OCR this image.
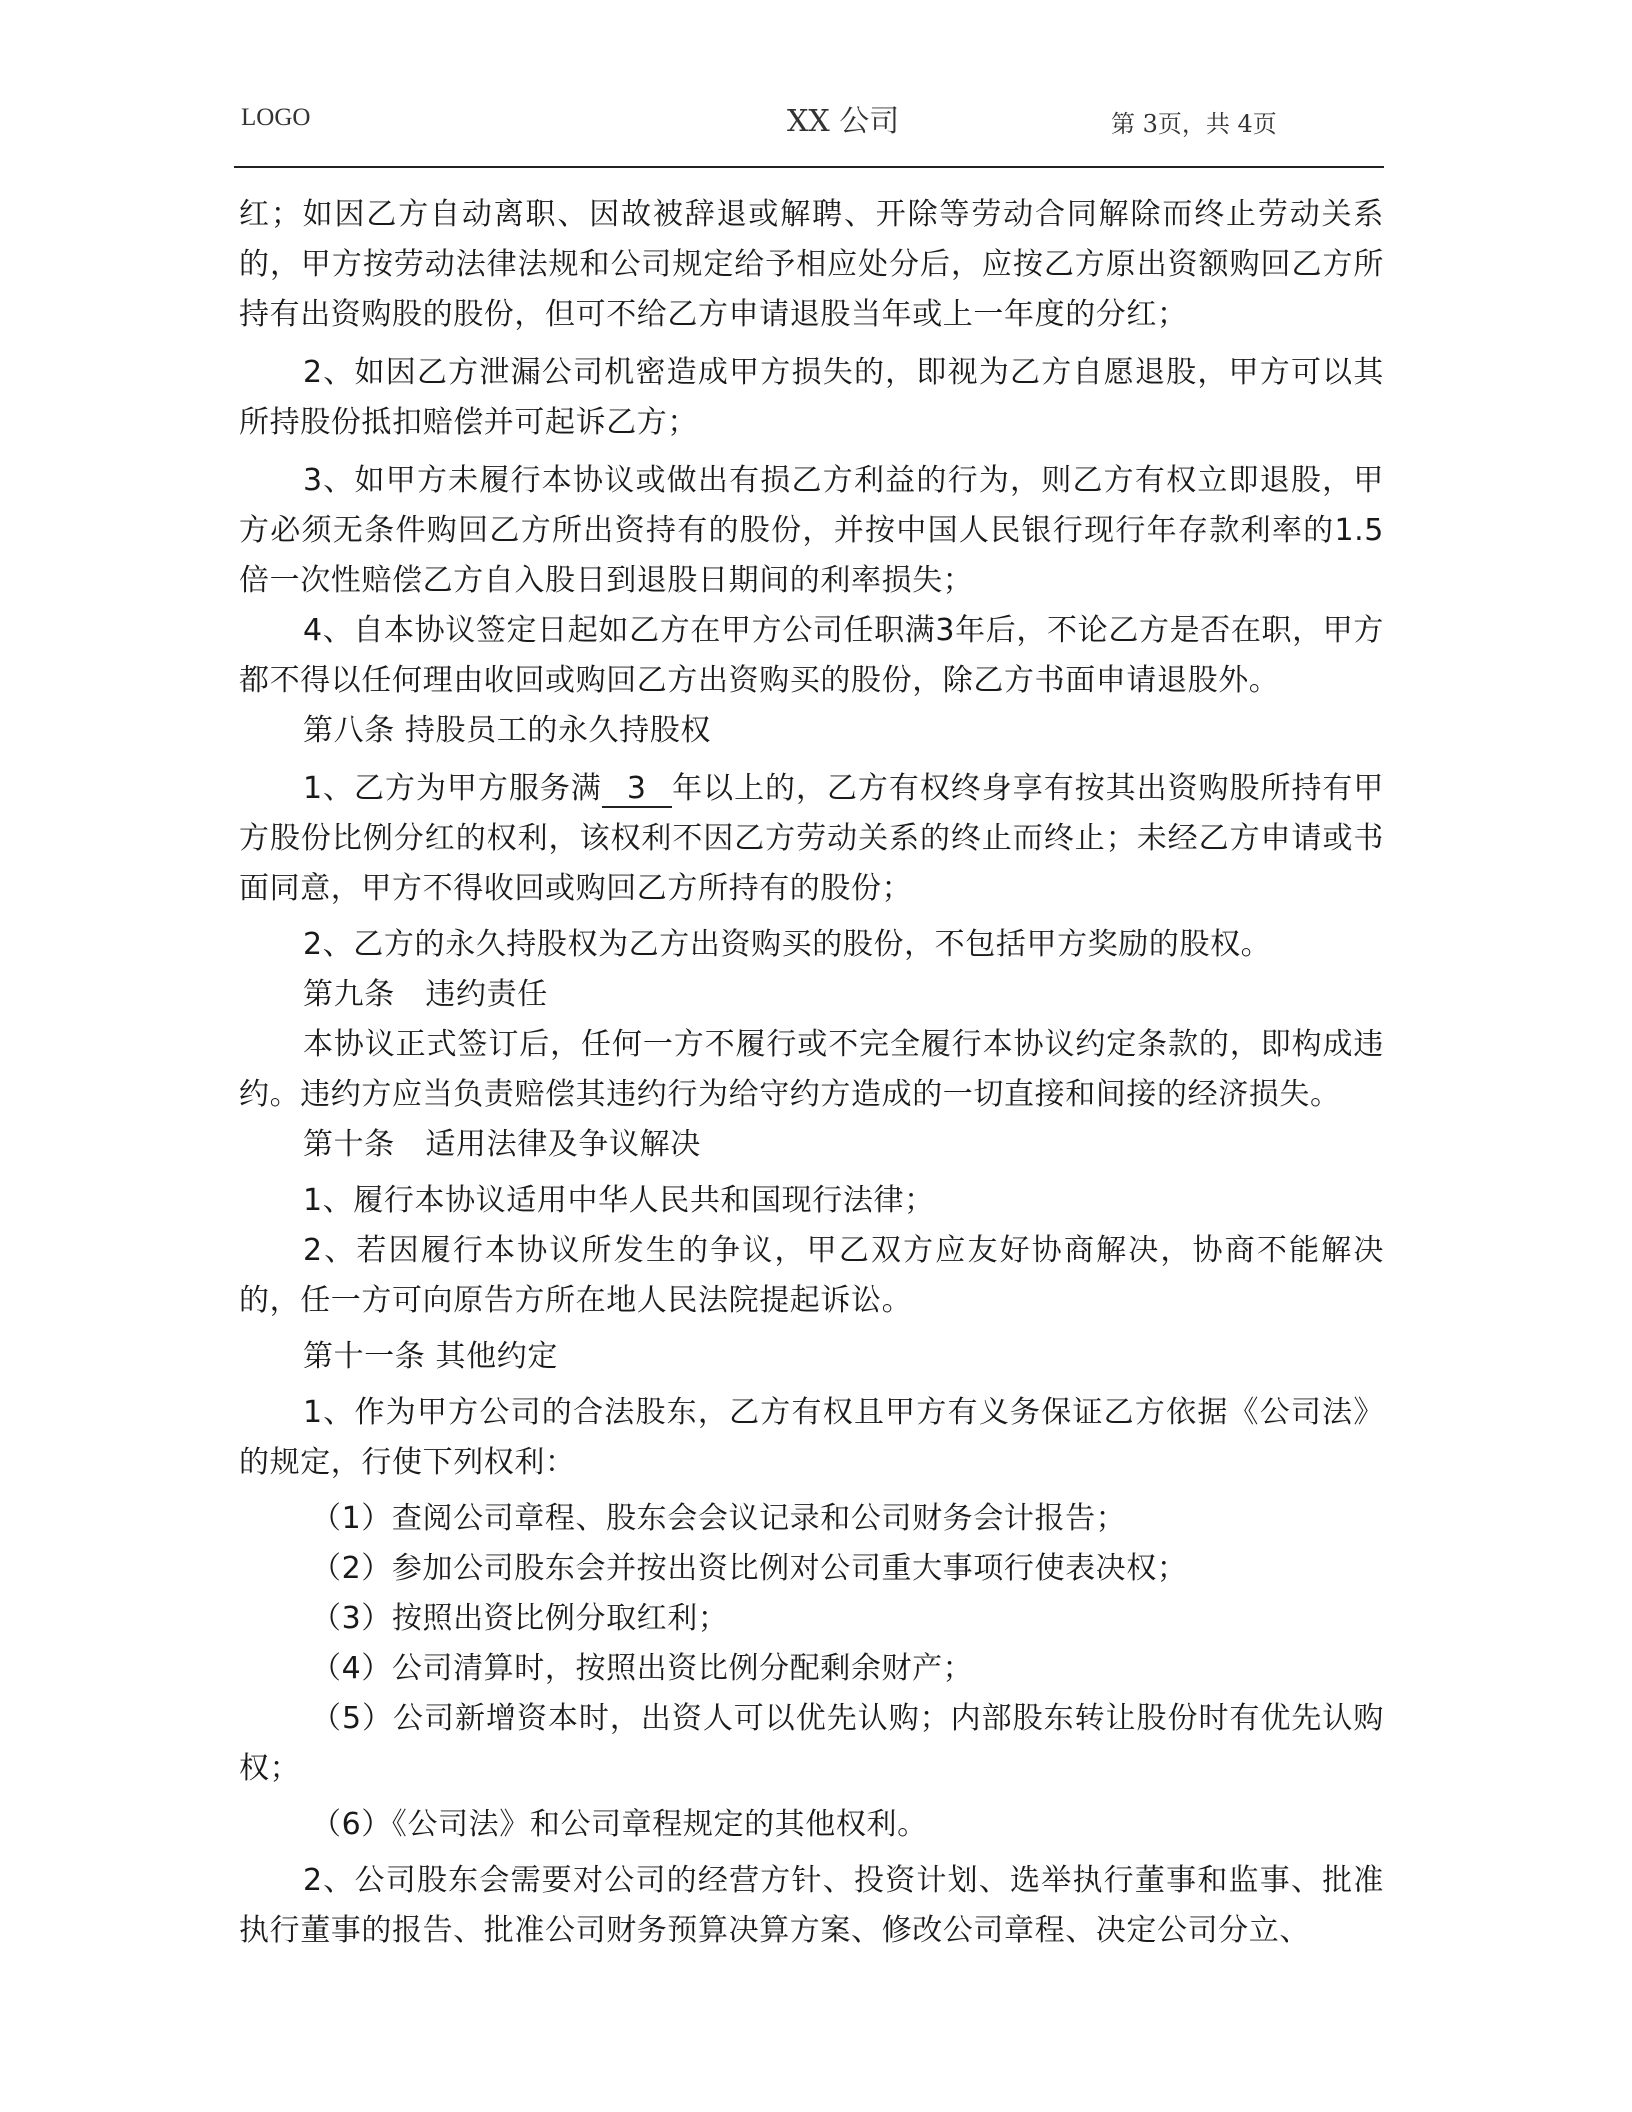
LOGO	XX 公司	第 3页，共 4页

红；如因乙方自动离职、因故被辞退或解聘、开除等劳动合同解除而终止劳动关系的，甲方按劳动法律法规和公司规定给予相应处分后，应按乙方原出资额购回乙方所持有出资购股的股份，但可不给乙方申请退股当年或上一年度的分红；

2、如因乙方泄漏公司机密造成甲方损失的，即视为乙方自愿退股，甲方可以其所持股份抵扣赔偿并可起诉乙方；

3、如甲方未履行本协议或做出有损乙方利益的行为，则乙方有权立即退股，甲方必须无条件购回乙方所出资持有的股份，并按中国人民银行现行年存款利率的1.5倍一次性赔偿乙方自入股日到退股日期间的利率损失；

4、自本协议签定日起如乙方在甲方公司任职满3年后，不论乙方是否在职，甲方都不得以任何理由收回或购回乙方出资购买的股份，除乙方书面申请退股外。

第八条 持股员工的永久持股权

1、乙方为甲方服务满 3 年以上的，乙方有权终身享有按其出资购股所持有甲方股份比例分红的权利，该权利不因乙方劳动关系的终止而终止；未经乙方申请或书面同意，甲方不得收回或购回乙方所持有的股份；

2、乙方的永久持股权为乙方出资购买的股份，不包括甲方奖励的股权。

第九条　违约责任

本协议正式签订后，任何一方不履行或不完全履行本协议约定条款的，即构成违约。违约方应当负责赔偿其违约行为给守约方造成的一切直接和间接的经济损失。

第十条　适用法律及争议解决

1、履行本协议适用中华人民共和国现行法律；

2、若因履行本协议所发生的争议，甲乙双方应友好协商解决，协商不能解决的，任一方可向原告方所在地人民法院提起诉讼。

第十一条 其他约定

1、作为甲方公司的合法股东，乙方有权且甲方有义务保证乙方依据《公司法》的规定，行使下列权利：

（1）查阅公司章程、股东会会议记录和公司财务会计报告；

（2）参加公司股东会并按出资比例对公司重大事项行使表决权；

（3）按照出资比例分取红利；

（4）公司清算时，按照出资比例分配剩余财产；

（5）公司新增资本时，出资人可以优先认购；内部股东转让股份时有优先认购权；

（6）《公司法》和公司章程规定的其他权利。

2、公司股东会需要对公司的经营方针、投资计划、选举执行董事和监事、批准执行董事的报告、批准公司财务预算决算方案、修改公司章程、决定公司分立、
